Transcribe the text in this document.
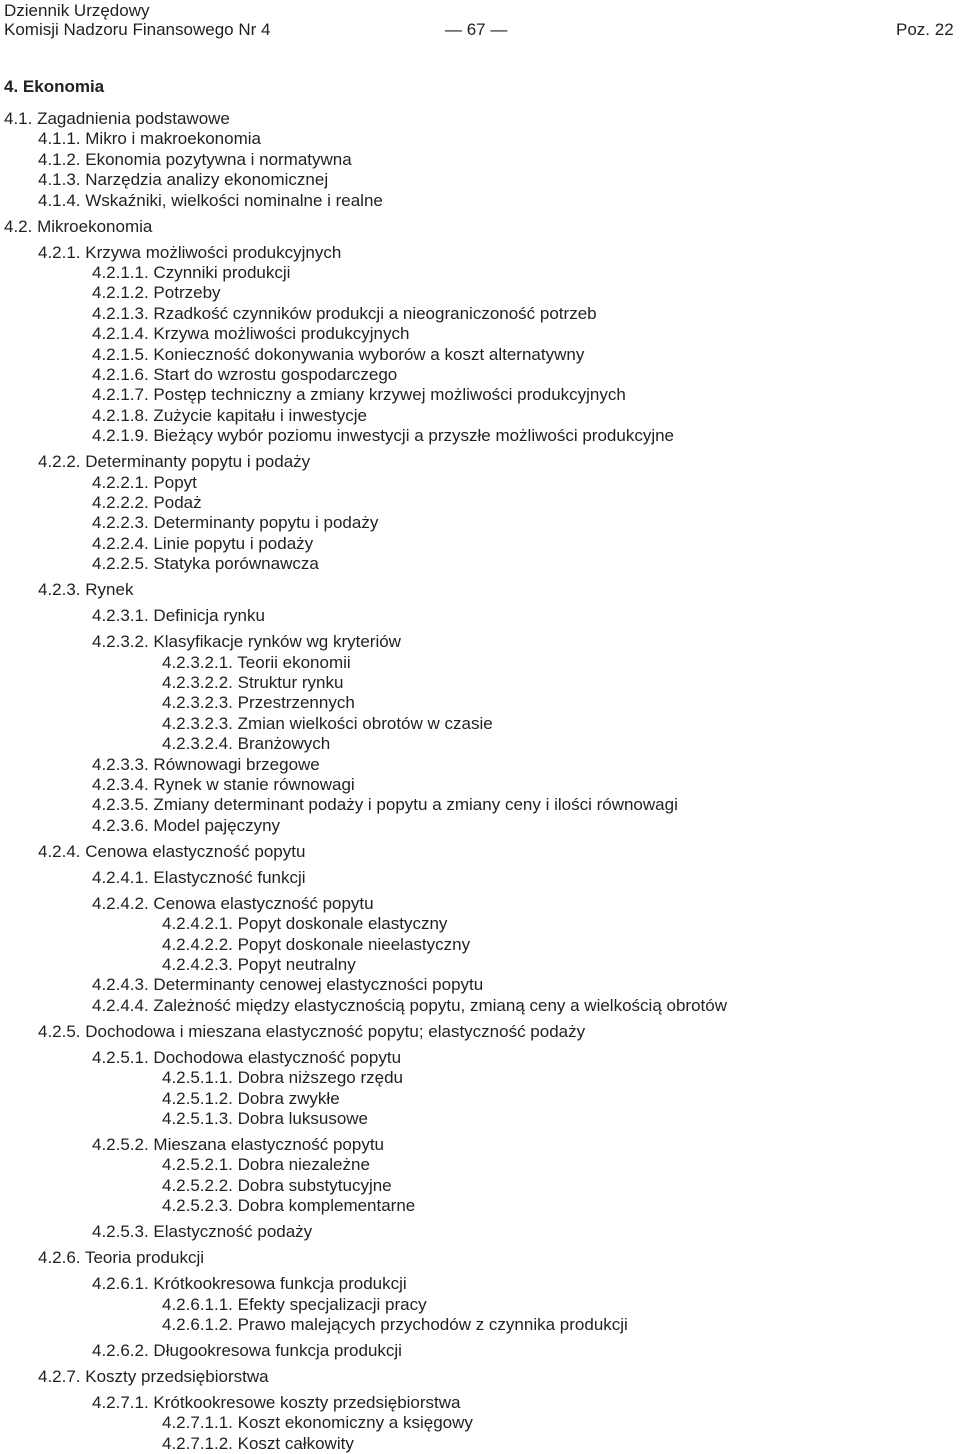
Dziennik Urzędowy
Komisji Nadzoru Finansowego Nr 4	— 67 —	Poz. 22
4. Ekonomia
4.1. Zagadnienia podstawowe
4.1.1. Mikro i makroekonomia
4.1.2. Ekonomia pozytywna i normatywna
4.1.3. Narzędzia analizy ekonomicznej
4.1.4. Wskaźniki, wielkości nominalne i realne
4.2. Mikroekonomia
4.2.1. Krzywa możliwości produkcyjnych
4.2.1.1. Czynniki produkcji
4.2.1.2. Potrzeby
4.2.1.3. Rzadkość czynników produkcji a nieograniczoność potrzeb
4.2.1.4. Krzywa możliwości produkcyjnych
4.2.1.5. Konieczność dokonywania wyborów a koszt alternatywny
4.2.1.6. Start do wzrostu gospodarczego
4.2.1.7. Postęp techniczny a zmiany krzywej możliwości produkcyjnych
4.2.1.8. Zużycie kapitału i inwestycje
4.2.1.9. Bieżący wybór poziomu inwestycji a przyszłe możliwości produkcyjne
4.2.2. Determinanty popytu i podaży
4.2.2.1. Popyt
4.2.2.2. Podaż
4.2.2.3. Determinanty popytu i podaży
4.2.2.4. Linie popytu i podaży
4.2.2.5. Statyka porównawcza
4.2.3. Rynek
4.2.3.1. Definicja rynku
4.2.3.2. Klasyfikacje rynków wg kryteriów
4.2.3.2.1. Teorii ekonomii
4.2.3.2.2. Struktur rynku
4.2.3.2.3. Przestrzennych
4.2.3.2.3. Zmian wielkości obrotów w czasie
4.2.3.2.4. Branżowych
4.2.3.3. Równowagi brzegowe
4.2.3.4. Rynek w stanie równowagi
4.2.3.5. Zmiany determinant podaży i popytu a zmiany ceny i ilości równowagi
4.2.3.6. Model pajęczyny
4.2.4. Cenowa elastyczność popytu
4.2.4.1. Elastyczność funkcji
4.2.4.2. Cenowa elastyczność popytu
4.2.4.2.1. Popyt doskonale elastyczny
4.2.4.2.2. Popyt doskonale nieelastyczny
4.2.4.2.3. Popyt neutralny
4.2.4.3. Determinanty cenowej elastyczności popytu
4.2.4.4. Zależność między elastycznością popytu, zmianą ceny a wielkością obrotów
4.2.5. Dochodowa i mieszana elastyczność popytu; elastyczność podaży
4.2.5.1. Dochodowa elastyczność popytu
4.2.5.1.1. Dobra niższego rzędu
4.2.5.1.2. Dobra zwykłe
4.2.5.1.3. Dobra luksusowe
4.2.5.2. Mieszana elastyczność popytu
4.2.5.2.1. Dobra niezależne
4.2.5.2.2. Dobra substytucyjne
4.2.5.2.3. Dobra komplementarne
4.2.5.3. Elastyczność podaży
4.2.6. Teoria produkcji
4.2.6.1. Krótkookresowa funkcja produkcji
4.2.6.1.1. Efekty specjalizacji pracy
4.2.6.1.2. Prawo malejących przychodów z czynnika produkcji
4.2.6.2. Długookresowa funkcja produkcji
4.2.7. Koszty przedsiębiorstwa
4.2.7.1. Krótkookresowe koszty przedsiębiorstwa
4.2.7.1.1. Koszt ekonomiczny a księgowy
4.2.7.1.2. Koszt całkowity
